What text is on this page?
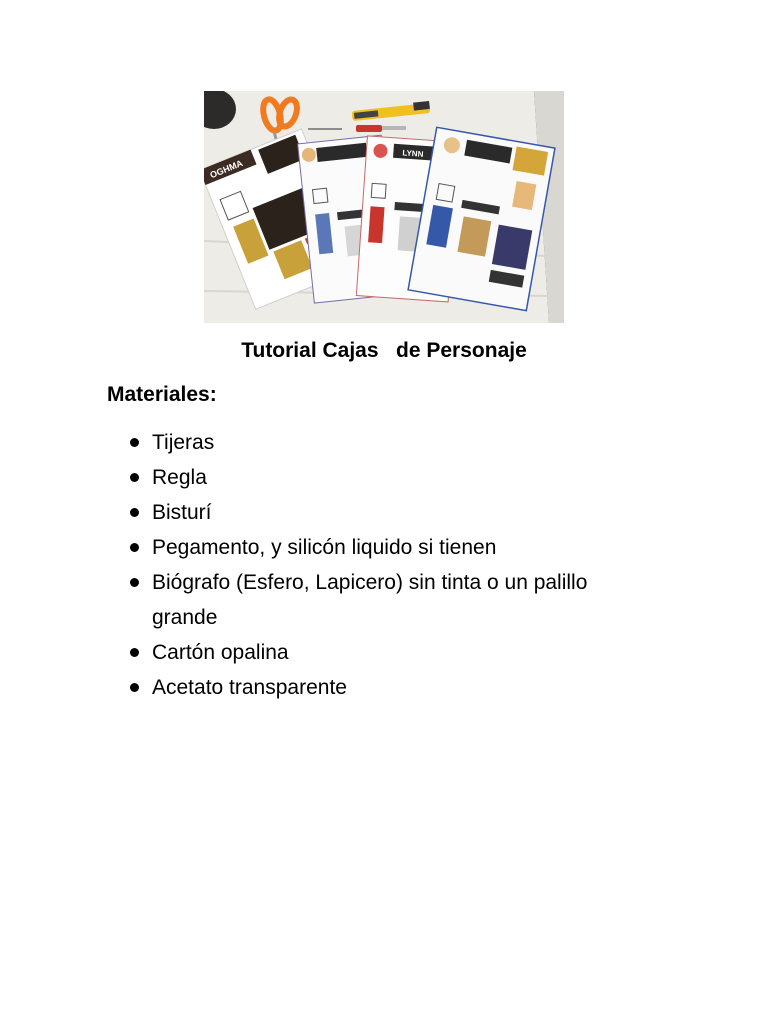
OGHMA
LYNN
Tutorial Cajas   de Personaje
Materiales:
Tijeras
Regla
Bisturí
Pegamento, y silicón liquido si tienen
Biógrafo (Esfero, Lapicero) sin tinta o un palillo grande
Cartón opalina
Acetato transparente
